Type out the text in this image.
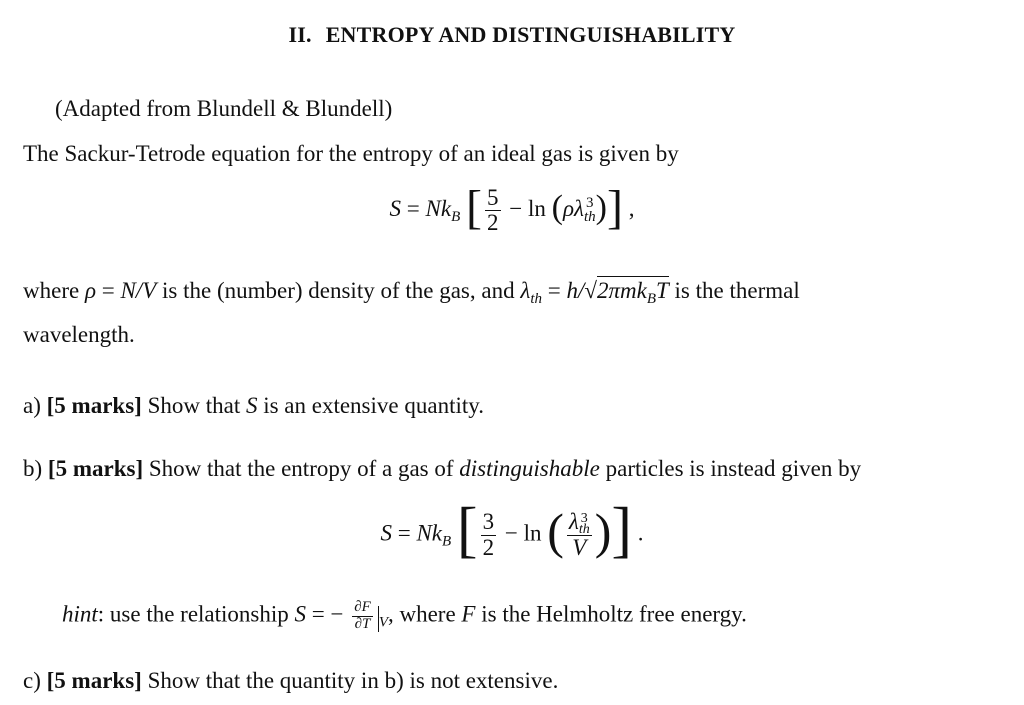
II. ENTROPY AND DISTINGUISHABILITY
(Adapted from Blundell & Blundell)
The Sackur-Tetrode equation for the entropy of an ideal gas is given by
$S = Nk_B$ [ $\frac{5}{2} - \ln (\rho\lambda$ 3
th )] ,
where ρ = N/V is the (number) density of the gas, and $\lambda_{th} = h/√2\pi mk_BT$ is the thermal
wavelength.
a) [5 marks] Show that S is an extensive quantity.
b) [5 marks] Show that the entropy of a gas of distinguishable particles is instead given by
$S = Nk_B$ [ $\frac{3}{2} - \ln$ ( λ 3
th
V )] .
hint: use the relationship S = − $\frac{\partial F}{\partial T} _V$, where F is the Helmholtz free energy.
c) [5 marks] Show that the quantity in b) is not extensive.
